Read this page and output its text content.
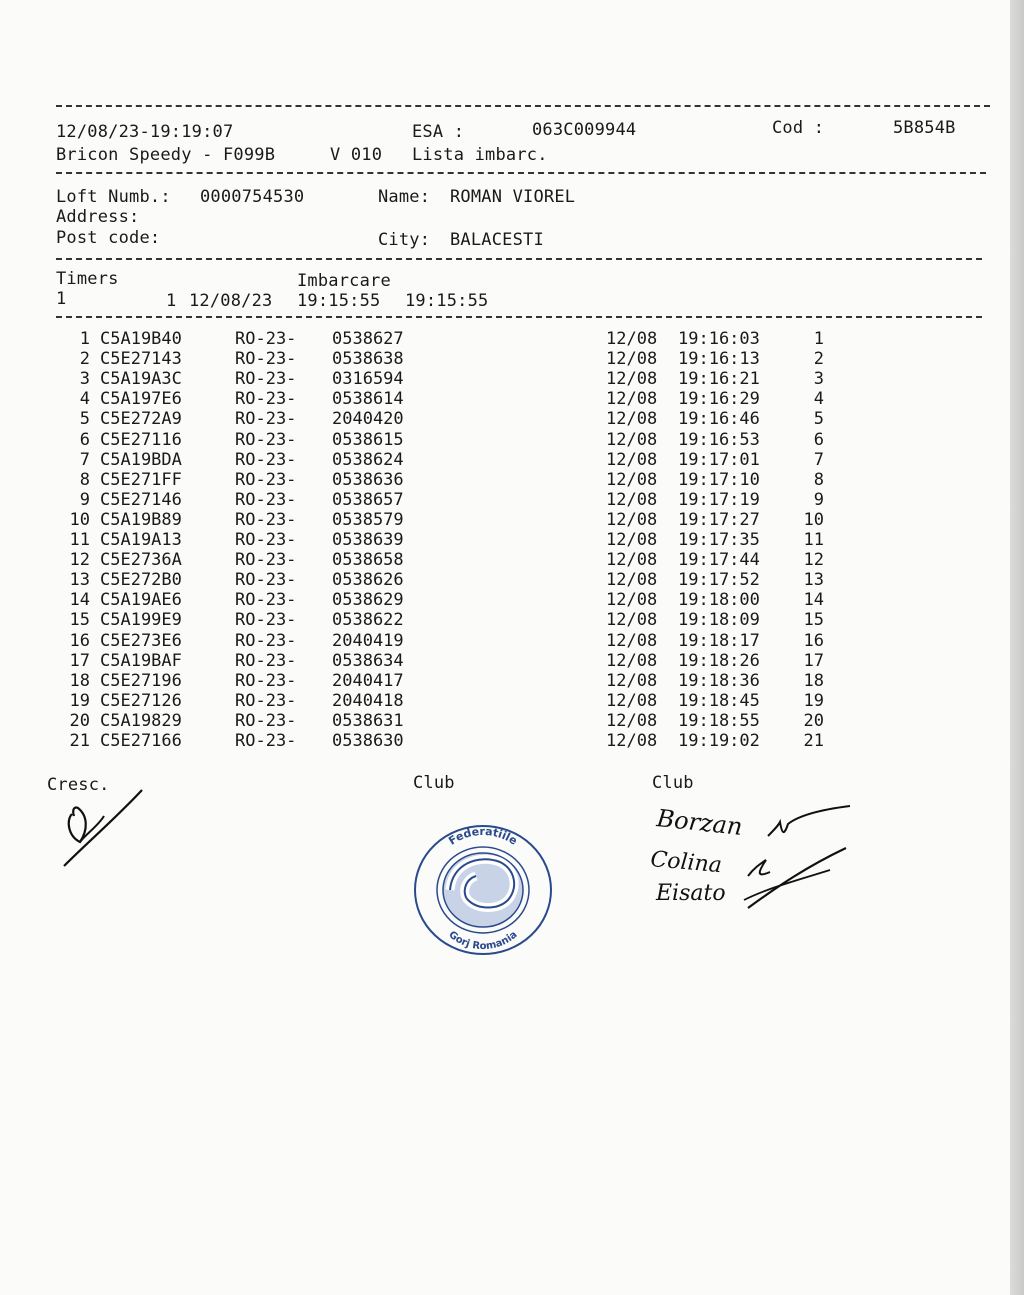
12/08/23-19:19:07	ESA :	063C009944	Cod :	5B854B
Bricon Speedy - F099B	V 010 Lista imbarc.
Loft Numb.: 0000754530	Name: ROMAN VIOREL
Address:
Post code:	City: BALACESTI
Timers	Imbarcare
1	1 12/08/23 19:15:55 19:15:55
1 C5A19B40	RO-23- 0538627	12/08 19:16:03	1
2 C5E27143	RO-23- 0538638	12/08 19:16:13	2
3 C5A19A3C	RO-23- 0316594	12/08 19:16:21	3
4 C5A197E6	RO-23- 0538614	12/08 19:16:29	4
5 C5E272A9	RO-23- 2040420	12/08 19:16:46	5
6 C5E27116	RO-23- 0538615	12/08 19:16:53	6
7 C5A19BDA	RO-23- 0538624	12/08 19:17:01	7
8 C5E271FF	RO-23- 0538636	12/08 19:17:10	8
9 C5E27146	RO-23- 0538657	12/08 19:17:19	9
10 C5A19B89	RO-23- 0538579	12/08 19:17:27	10
11 C5A19A13	RO-23- 0538639	12/08 19:17:35	11
12 C5E2736A	RO-23- 0538658	12/08 19:17:44	12
13 C5E272B0	RO-23- 0538626	12/08 19:17:52	13
14 C5A19AE6	RO-23- 0538629	12/08 19:18:00	14
15 C5A199E9	RO-23- 0538622	12/08 19:18:09	15
16 C5E273E6	RO-23- 2040419	12/08 19:18:17	16
17 C5A19BAF	RO-23- 0538634	12/08 19:18:26	17
18 C5E27196	RO-23- 2040417	12/08 19:18:36	18
19 C5E27126	RO-23- 2040418	12/08 19:18:45	19
20 C5A19829	RO-23- 0538631	12/08 19:18:55	20
21 C5E27166	RO-23- 0538630	12/08 19:19:02	21
Cresc.	Club	Club
Federatiile
Gorj Romania
Borzan
Colina
Eisato
